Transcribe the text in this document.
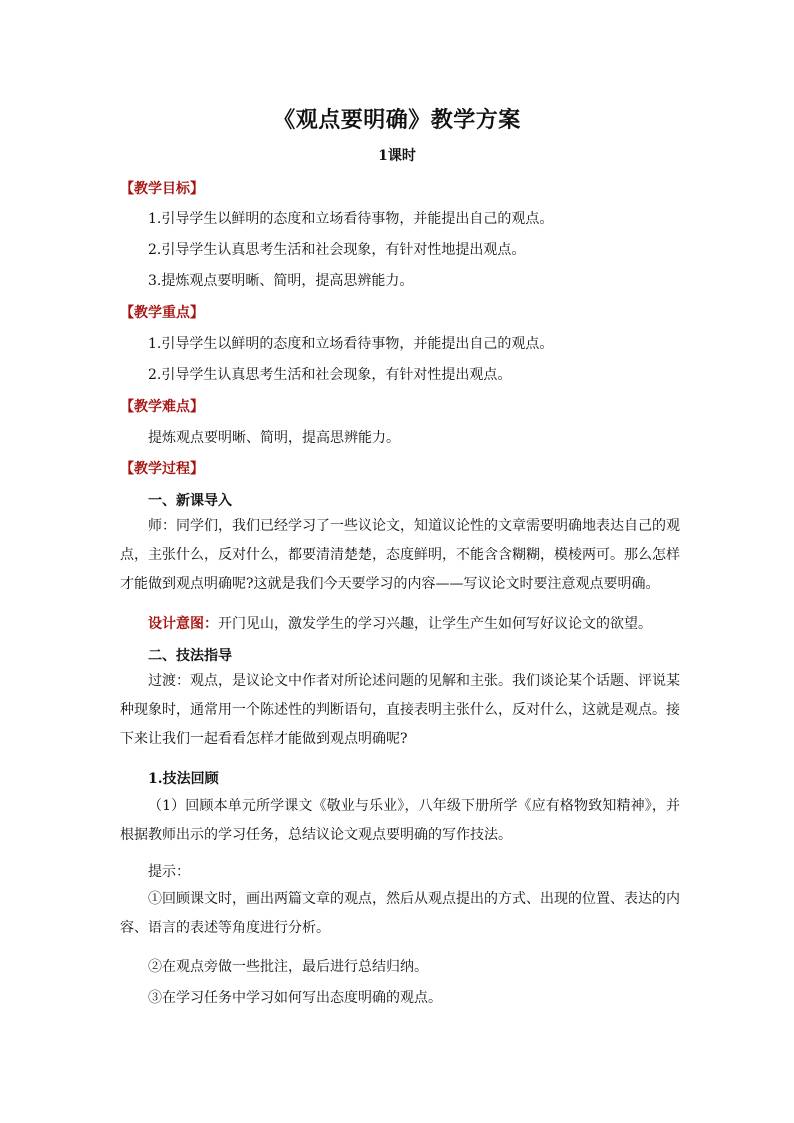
《观点要明确》教学方案
1课时
【教学目标】
1.引导学生以鲜明的态度和立场看待事物，并能提出自己的观点。
2.引导学生认真思考生活和社会现象，有针对性地提出观点。
3.提炼观点要明晰、简明，提高思辨能力。
【教学重点】
1.引导学生以鲜明的态度和立场看待事物，并能提出自己的观点。
2.引导学生认真思考生活和社会现象，有针对性提出观点。
【教学难点】
提炼观点要明晰、简明，提高思辨能力。
【教学过程】
一、新课导入

师：同学们，我们已经学习了一些议论文，知道议论性的文章需要明确地表达自己的观点，主张什么，反对什么，都要清清楚楚，态度鲜明，不能含含糊糊，模棱两可。那么怎样才能做到观点明确呢?这就是我们今天要学习的内容——写议论文时要注意观点要明确。

设计意图：开门见山，激发学生的学习兴趣，让学生产生如何写好议论文的欲望。
二、技法指导

过渡：观点，是议论文中作者对所论述问题的见解和主张。我们谈论某个话题、评说某种现象时，通常用一个陈述性的判断语句，直接表明主张什么，反对什么，这就是观点。接下来让我们一起看看怎样才能做到观点明确呢?

1.技法回顾

（1）回顾本单元所学课文《敬业与乐业》，八年级下册所学《应有格物致知精神》，并根据教师出示的学习任务，总结议论文观点要明确的写作技法。

提示：

①回顾课文时，画出两篇文章的观点，然后从观点提出的方式、出现的位置、表达的内容、语言的表述等角度进行分析。

②在观点旁做一些批注，最后进行总结归纳。
③在学习任务中学习如何写出态度明确的观点。
